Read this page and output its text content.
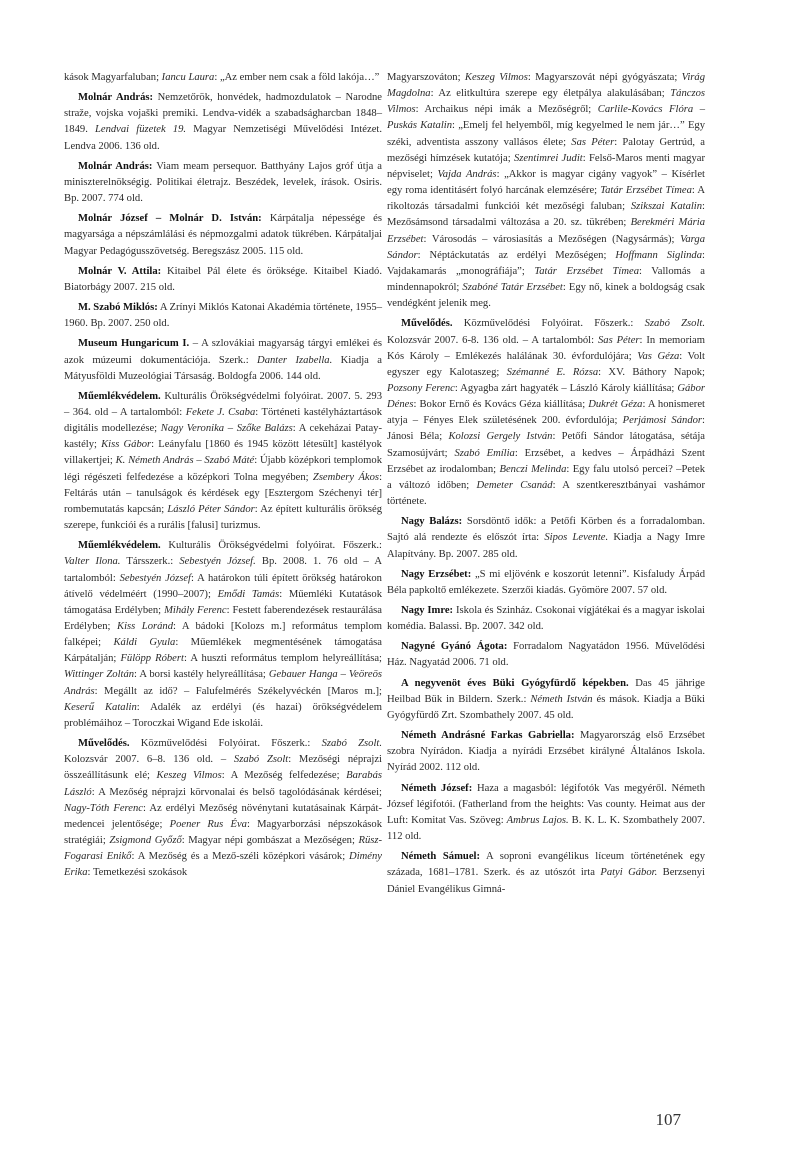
kások Magyarfaluban; Iancu Laura: „Az ember nem csak a föld lakója…”

Molnár András: Nemzetőrök, honvédek, hadmozdulatok – Narodne straže, vojska vojaški premiki. Lendva-vidék a szabadságharcban 1848–1849. Lendvai füzetek 19. Magyar Nemzetiségi Művelődési Intézet. Lendva 2006. 136 old.

Molnár András: Viam meam persequor. Batthyány Lajos gróf útja a miniszterelnökségig. Politikai életrajz. Beszédek, levelek, írások. Osiris. Bp. 2007. 774 old.

Molnár József – Molnár D. István: Kárpátalja népessége és magyarsága a népszámlálási és népmozgalmi adatok tükrében. Kárpátaljai Magyar Pedagógusszövetség. Beregszász 2005. 115 old.

Molnár V. Attila: Kitaibel Pál élete és öröksége. Kitaibel Kiadó. Biatorbágy 2007. 215 old.

M. Szabó Miklós: A Zrínyi Miklós Katonai Akadémia története, 1955–1960. Bp. 2007. 250 old.

Museum Hungaricum I. – A szlovákiai magyarság tárgyi emlékei és azok múzeumi dokumentációja. Szerk.: Danter Izabella. Kiadja a Mátyusföldi Muzeológiai Társaság. Boldogfa 2006. 144 old.

Műemlékvédelem. Kulturális Örökségvédelmi folyóirat. 2007. 5. 293 – 364. old – A tartalomból: Fekete J. Csaba: Történeti kastélyháztartások digitális modellezése; Nagy Veronika – Szőke Balázs: A cekeházai Patay-kastély; Kiss Gábor: Leányfalu [1860 és 1945 között létesült] kastélyok villakertjei; K. Németh András – Szabó Máté: Újabb középkori templomok légi régészeti felfedezése a középkori Tolna megyében; Zsembery Ákos: Feltárás után – tanulságok és kérdések egy [Esztergom Széchenyi tér] rombemutatás kapcsán; László Péter Sándor: Az épített kulturális örökség szerepe, funkciói és a rurális [falusi] turizmus.

Műemlékvédelem. Kulturális Örökségvédelmi folyóirat. Főszerk.: Valter Ilona. Társszerk.: Sebestyén József. Bp. 2008. 1. 76 old – A tartalomból: Sebestyén József: A határokon túli épített örökség határokon átívelő védelméért (1990–2007); Emődi Tamás: Műemléki Kutatások támogatása Erdélyben; Mihály Ferenc: Festett faberendezések restaurálása Erdélyben; Kiss Loránd: A bádoki [Kolozs m.] református templom falképei; Káldi Gyula: Műemlékek megmentésének támogatása Kárpátalján; Fülöpp Róbert: A huszti református templom helyreállítása; Wittinger Zoltán: A borsi kastély helyreállítása; Gebauer Hanga – Veöreös András: Megállt az idő? – Falufelmérés Székelyvéckén [Maros m.]; Keserű Katalin: Adalék az erdélyi (és hazai) örökségvédelem problémáihoz – Toroczkai Wigand Ede iskolái.

Művelődés. Közművelődési Folyóirat. Főszerk.: Szabó Zsolt. Kolozsvár 2007. 6–8. 136 old. – Szabó Zsolt: Mezőségi néprajzi összeállításunk elé; Keszeg Vilmos: A Mezőség felfedezése; Barabás László: A Mezőség néprajzi körvonalai és belső tagolódásának kérdései; Nagy-Tóth Ferenc: Az erdélyi Mezőség növénytani kutatásainak Kárpát-medencei jelentősége; Poener Rus Éva: Magyarborzási népszokások stratégiái; Zsigmond Győző: Magyar népi gombászat a Mezőségen; Rüsz-Fogarasi Enikő: A Mezőség és a Mező-széli középkori vásárok; Dimény Erika: Temetkezési szokások

Magyarszováton; Keszeg Vilmos: Magyarszovát népi gyógyászata; Virág Magdolna: Az elitkultúra szerepe egy életpálya alakulásában; Tánczos Vilmos: Archaikus népi imák a Mezőségről; Carlile-Kovács Flóra – Puskás Katalin: „Emelj fel helyemből, míg kegyelmed le nem jár…” Egy széki, adventista asszony vallásos élete; Sas Péter: Palotay Gertrúd, a mezőségi hímzések kutatója; Szentimrei Judit: Felső-Maros menti magyar népviselet; Vajda András: „Akkor is magyar cigány vagyok” – Kísérlet egy roma identitásért folyó harcának elemzésére; Tatár Erzsébet Tímea: A rikoltozás társadalmi funkciói két mezőségi faluban; Szikszai Katalin: Mezősámsond társadalmi változása a 20. sz. tükrében; Berekméri Mária Erzsébet: Városodás – városiasítás a Mezőségen (Nagysármás); Varga Sándor: Néptáckutatás az erdélyi Mezőségen; Hoffmann Siglinda: Vajdakamarás „monográfiája”; Tatár Erzsébet Tímea: Vallomás a mindennapokról; Szabóné Tatár Erzsébet: Egy nő, kinek a boldogság csak vendégként jelenik meg.

Művelődés. Közművelődési Folyóirat. Főszerk.: Szabó Zsolt. Kolozsvár 2007. 6-8. 136 old. – A tartalomból: Sas Péter: In memoriam Kós Károly – Emlékezés halálának 30. évfordulójára; Vas Géza: Volt egyszer egy Kalotaszeg; Szémanné E. Rózsa: XV. Báthory Napok; Pozsony Ferenc: Agyagba zárt hagyaték – László Károly kiállítása; Gábor Dénes: Bokor Ernő és Kovács Géza kiállítása; Dukrét Géza: A honismeret atyja – Fényes Elek születésének 200. évfordulója; Perjámosi Sándor: Jánosi Béla; Kolozsi Gergely István: Petőfi Sándor látogatása, sétája Szamosújvárt; Szabó Emília: Erzsébet, a kedves – Árpádházi Szent Erzsébet az irodalomban; Benczi Melinda: Egy falu utolsó percei? –Petek a változó időben; Demeter Csanád: A szentkeresztbányai vashámor története.

Nagy Balázs: Sorsdöntő idők: a Petőfi Körben és a forradalomban. Sajtó alá rendezte és előszót írta: Sipos Levente. Kiadja a Nagy Imre Alapítvány. Bp. 2007. 285 old.

Nagy Erzsébet: „S mi eljövénk e koszorút letenni”. Kisfaludy Árpád Béla papkoltő emlékezete. Szerzői kiadás. Gyömöre 2007. 57 old.

Nagy Imre: Iskola és Szinház. Csokonai vígjátékai és a magyar iskolai komédia. Balassi. Bp. 2007. 342 old.

Nagyné Gyánó Ágota: Forradalom Nagyatádon 1956. Művelődési Ház. Nagyatád 2006. 71 old.

A negyvenöt éves Büki Gyógyfürdő képekben. Das 45 jährige Heilbad Bük in Bildern. Szerk.: Németh István és mások. Kiadja a Büki Gyógyfürdő Zrt. Szombathely 2007. 45 old.

Németh Andrásné Farkas Gabriella: Magyarország első Erzsébet szobra Nyírádon. Kiadja a nyírádi Erzsébet királyné Általános Iskola. Nyírád 2002. 112 old.

Németh József: Haza a magasból: légifotók Vas megyéről. Németh József légifotói. (Fatherland from the heights: Vas county. Heimat aus der Luft: Komitat Vas. Szöveg: Ambrus Lajos. B. K. L. K. Szombathely 2007. 112 old.

Németh Sámuel: A soproni evangélikus líceum történetének egy százada, 1681–1781. Szerk. és az utószót irta Patyi Gábor. Berzsenyi Dániel Evangélikus Gimná-

107
